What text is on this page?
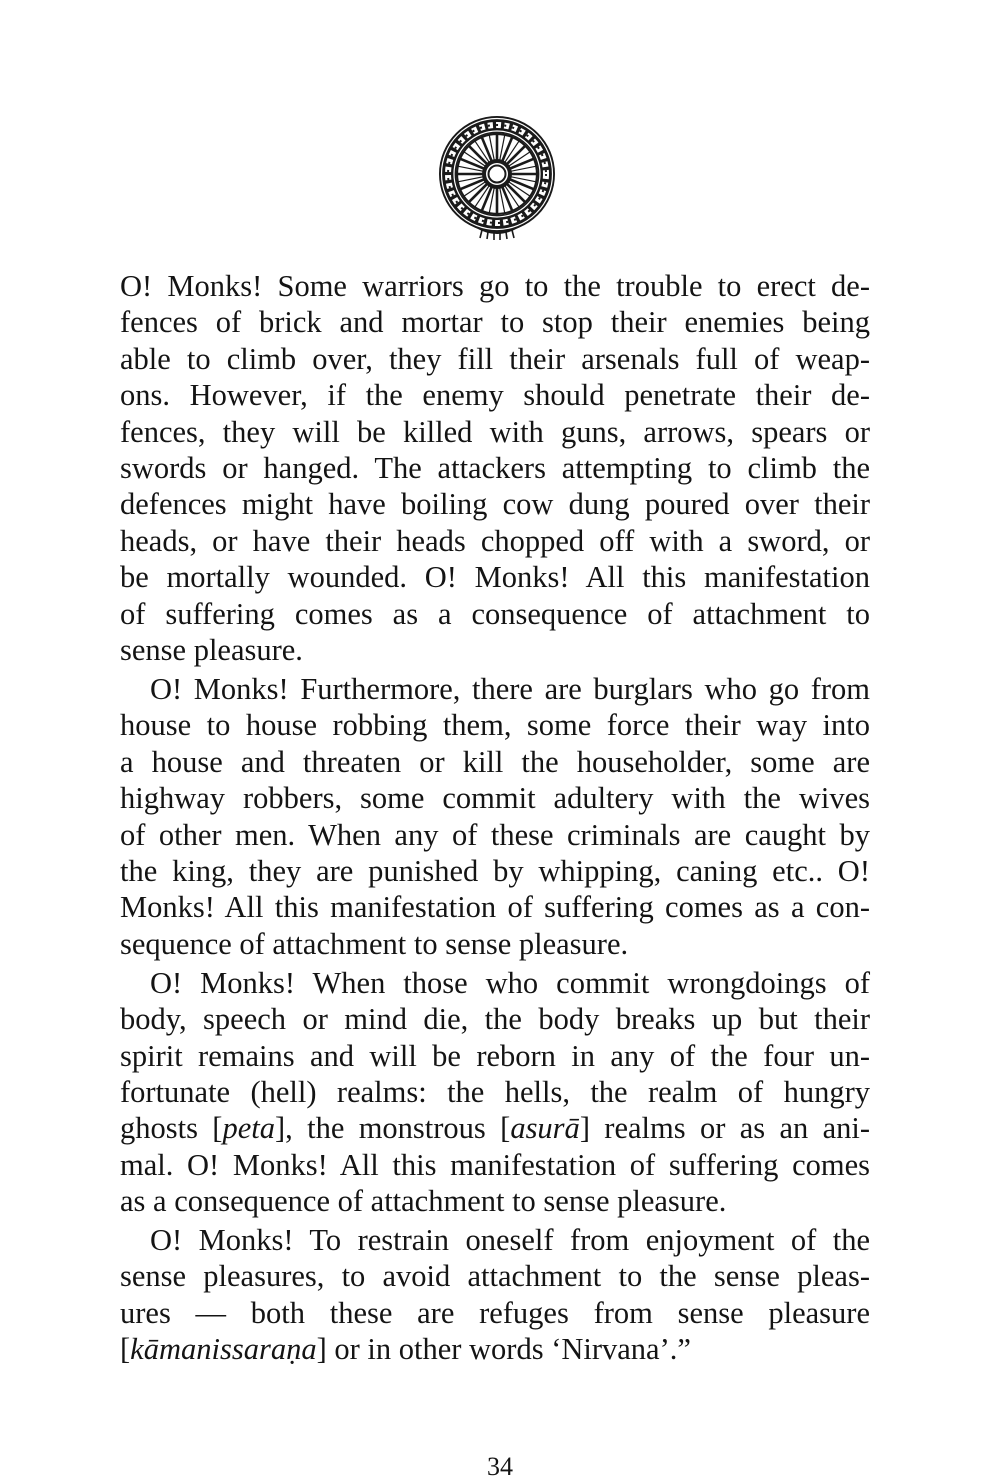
O! Monks! Some warriors go to the trouble to erect de-
fences of brick and mortar to stop their enemies being
able to climb over, they fill their arsenals full of weap-
ons. However, if the enemy should penetrate their de-
fences, they will be killed with guns, arrows, spears or
swords or hanged. The attackers attempting to climb the
defences might have boiling cow dung poured over their
heads, or have their heads chopped off with a sword, or
be mortally wounded. O! Monks! All this manifestation
of suffering comes as a consequence of attachment to
sense pleasure.
O! Monks! Furthermore, there are burglars who go from
house to house robbing them, some force their way into
a house and threaten or kill the householder, some are
highway robbers, some commit adultery with the wives
of other men. When any of these criminals are caught by
the king, they are punished by whipping, caning etc.. O!
Monks! All this manifestation of suffering comes as a con-
sequence of attachment to sense pleasure.
O! Monks! When those who commit wrongdoings of
body, speech or mind die, the body breaks up but their
spirit remains and will be reborn in any of the four un-
fortunate (hell) realms: the hells, the realm of hungry
ghosts [peta], the monstrous [asurā] realms or as an ani-
mal. O! Monks! All this manifestation of suffering comes
as a consequence of attachment to sense pleasure.
O! Monks! To restrain oneself from enjoyment of the
sense pleasures, to avoid attachment to the sense pleas-
ures — both these are refuges from sense pleasure
[kāmanissaraṇa] or in other words ‘Nirvana’.”
34
